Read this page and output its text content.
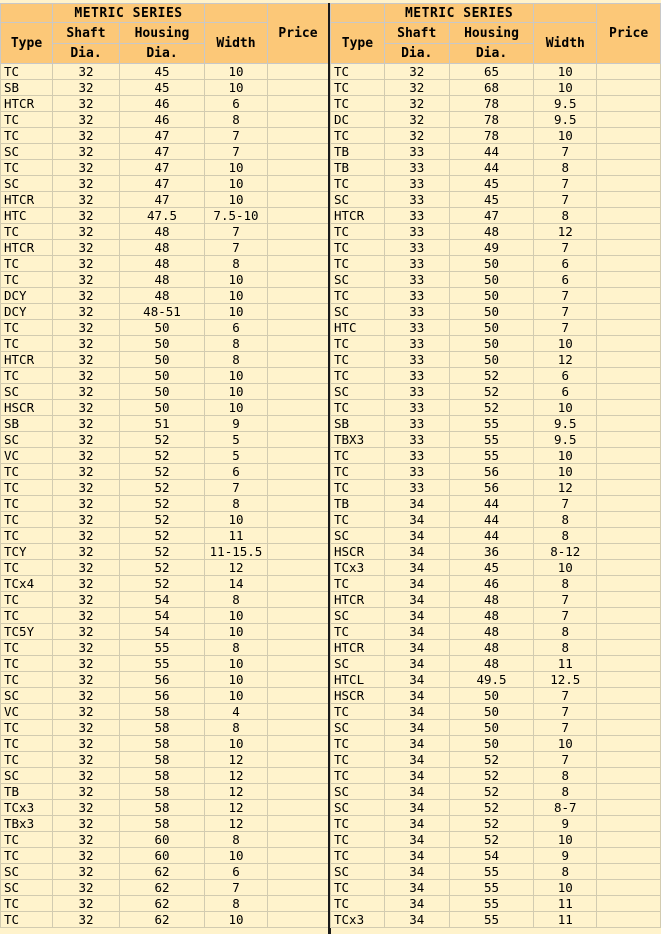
	METRIC SERIES			Price
Type	Shaft	Housing	Width	
	Dia.	Dia.		
TC	32	45	10	
SB	32	45	10	
HTCR	32	46	6	
TC	32	46	8	
TC	32	47	7	
SC	32	47	7	
TC	32	47	10	
SC	32	47	10	
HTCR	32	47	10	
HTC	32	47.5	7.5-10	
TC	32	48	7	
HTCR	32	48	7	
TC	32	48	8	
TC	32	48	10	
DCY	32	48	10	
DCY	32	48-51	10	
TC	32	50	6	
TC	32	50	8	
HTCR	32	50	8	
TC	32	50	10	
SC	32	50	10	
HSCR	32	50	10	
SB	32	51	9	
SC	32	52	5	
VC	32	52	5	
TC	32	52	6	
TC	32	52	7	
TC	32	52	8	
TC	32	52	10	
TC	32	52	11	
TCY	32	52	11-15.5	
TC	32	52	12	
TCx4	32	52	14	
TC	32	54	8	
TC	32	54	10	
TC5Y	32	54	10	
TC	32	55	8	
TC	32	55	10	
TC	32	56	10	
SC	32	56	10	
VC	32	58	4	
TC	32	58	8	
TC	32	58	10	
TC	32	58	12	
SC	32	58	12	
TB	32	58	12	
TCx3	32	58	12	
TBx3	32	58	12	
TC	32	60	8	
TC	32	60	10	
SC	32	62	6	
SC	32	62	7	
TC	32	62	8	
TC	32	62	10	
	METRIC SERIES			Price
Type	Shaft	Housing	Width	
	Dia.	Dia.		
TC	32	65	10	
TC	32	68	10	
TC	32	78	9.5	
DC	32	78	9.5	
TC	32	78	10	
TB	33	44	7	
TB	33	44	8	
TC	33	45	7	
SC	33	45	7	
HTCR	33	47	8	
TC	33	48	12	
TC	33	49	7	
TC	33	50	6	
SC	33	50	6	
TC	33	50	7	
SC	33	50	7	
HTC	33	50	7	
TC	33	50	10	
TC	33	50	12	
TC	33	52	6	
SC	33	52	6	
TC	33	52	10	
SB	33	55	9.5	
TBX3	33	55	9.5	
TC	33	55	10	
TC	33	56	10	
TC	33	56	12	
TB	34	44	7	
TC	34	44	8	
SC	34	44	8	
HSCR	34	36	8-12	
TCx3	34	45	10	
TC	34	46	8	
HTCR	34	48	7	
SC	34	48	7	
TC	34	48	8	
HTCR	34	48	8	
SC	34	48	11	
HTCL	34	49.5	12.5	
HSCR	34	50	7	
TC	34	50	7	
SC	34	50	7	
TC	34	50	10	
TC	34	52	7	
TC	34	52	8	
SC	34	52	8	
SC	34	52	8-7	
TC	34	52	9	
TC	34	52	10	
TC	34	54	9	
SC	34	55	8	
TC	34	55	10	
TC	34	55	11	
TCx3	34	55	11	
